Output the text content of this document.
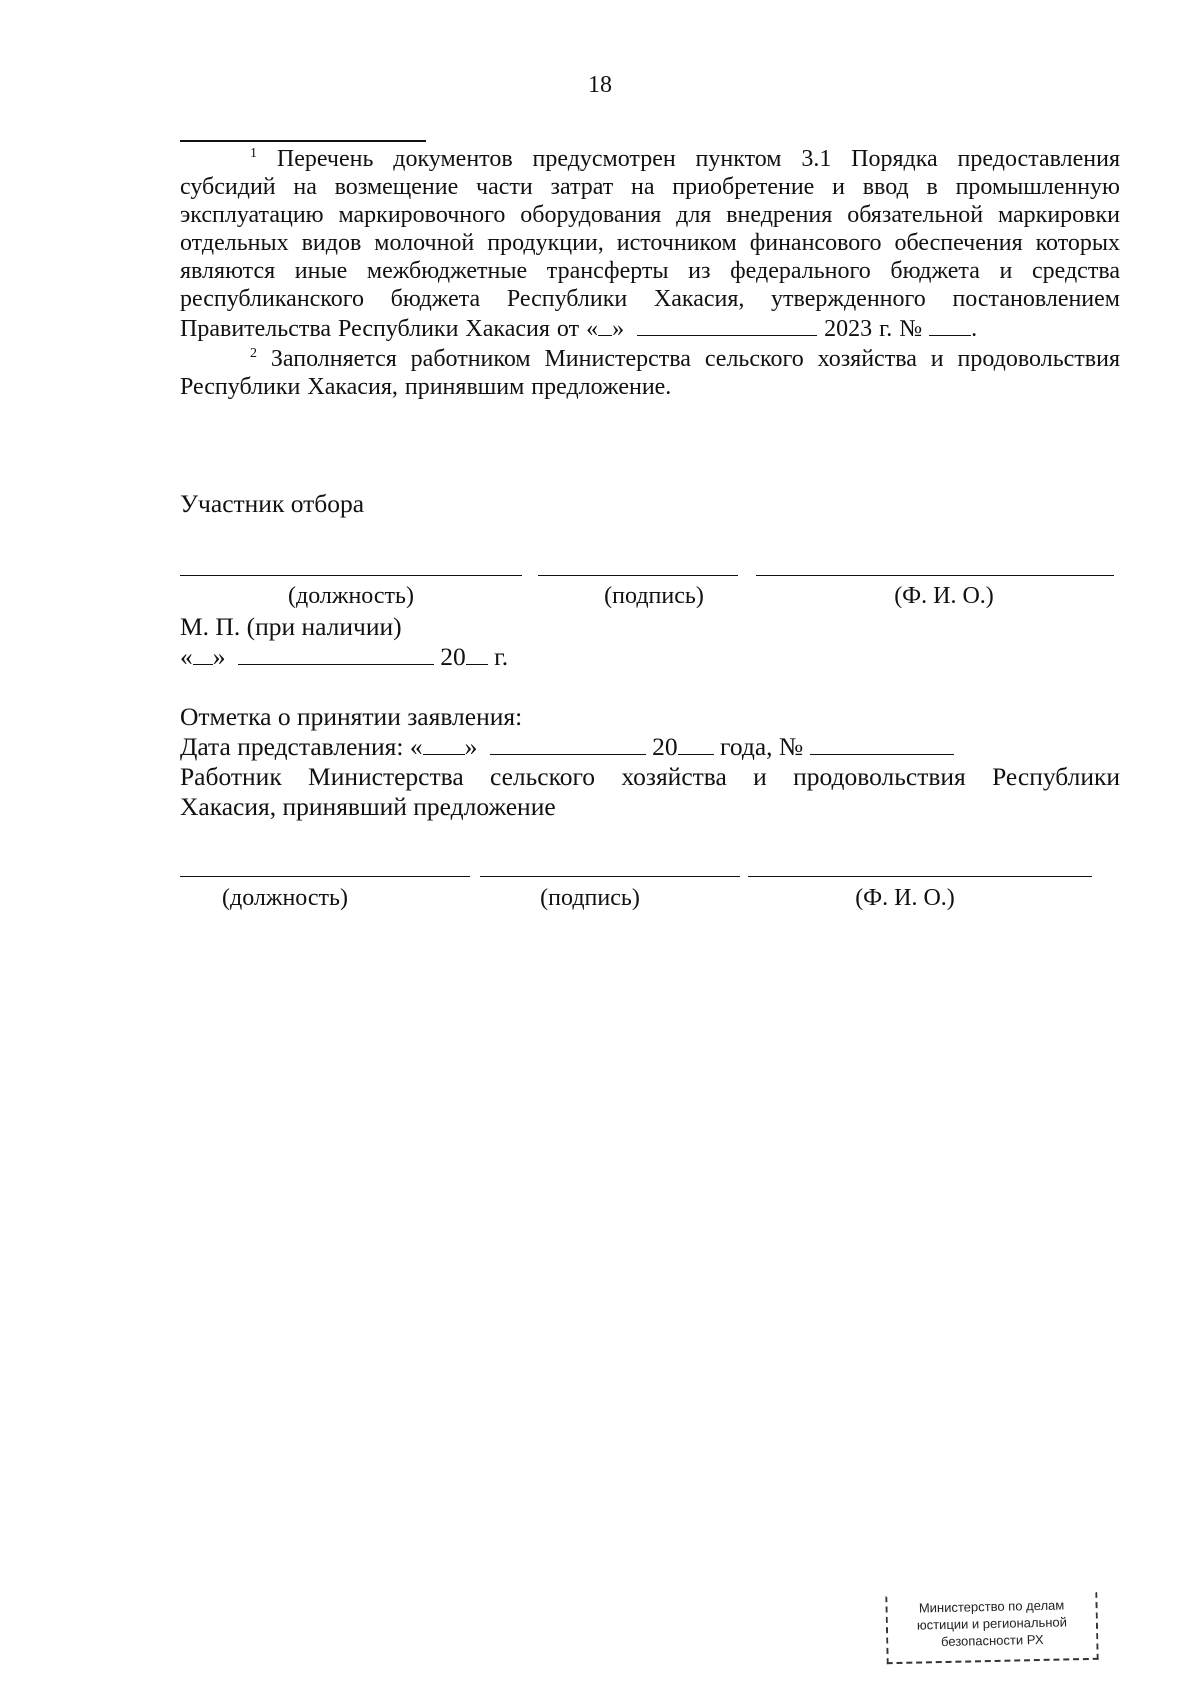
18
$^1$ Перечень документов предусмотрен пунктом 3.1 Порядка предоставления
субсидий на возмещение части затрат на приобретение и ввод в промышленную
эксплуатацию маркировочного оборудования для внедрения обязательной маркировки
отдельных видов молочной продукции, источником финансового обеспечения которых
являются иные межбюджетные трансферты из федерального бюджета и средства
республиканского бюджета Республики Хакасия, утвержденного постановлением
Правительства Республики Хакасия от « »	2023 г. № .
$^2$ Заполняется работником Министерства сельского хозяйства и продовольствия
Республики Хакасия, принявшим предложение.
Участник отбора
(должность)	(подпись)	(Ф. И. О.)
М. П. (при наличии)
« »	20 г.
Отметка о принятии заявления:
Дата представления: « »	20 года, №
Работник Министерства сельского хозяйства и продовольствия Республики
Хакасия, принявший предложение
(должность)	(подпись)	(Ф. И. О.)
Министерство по делам
юстиции и региональной
безопасности РХ
